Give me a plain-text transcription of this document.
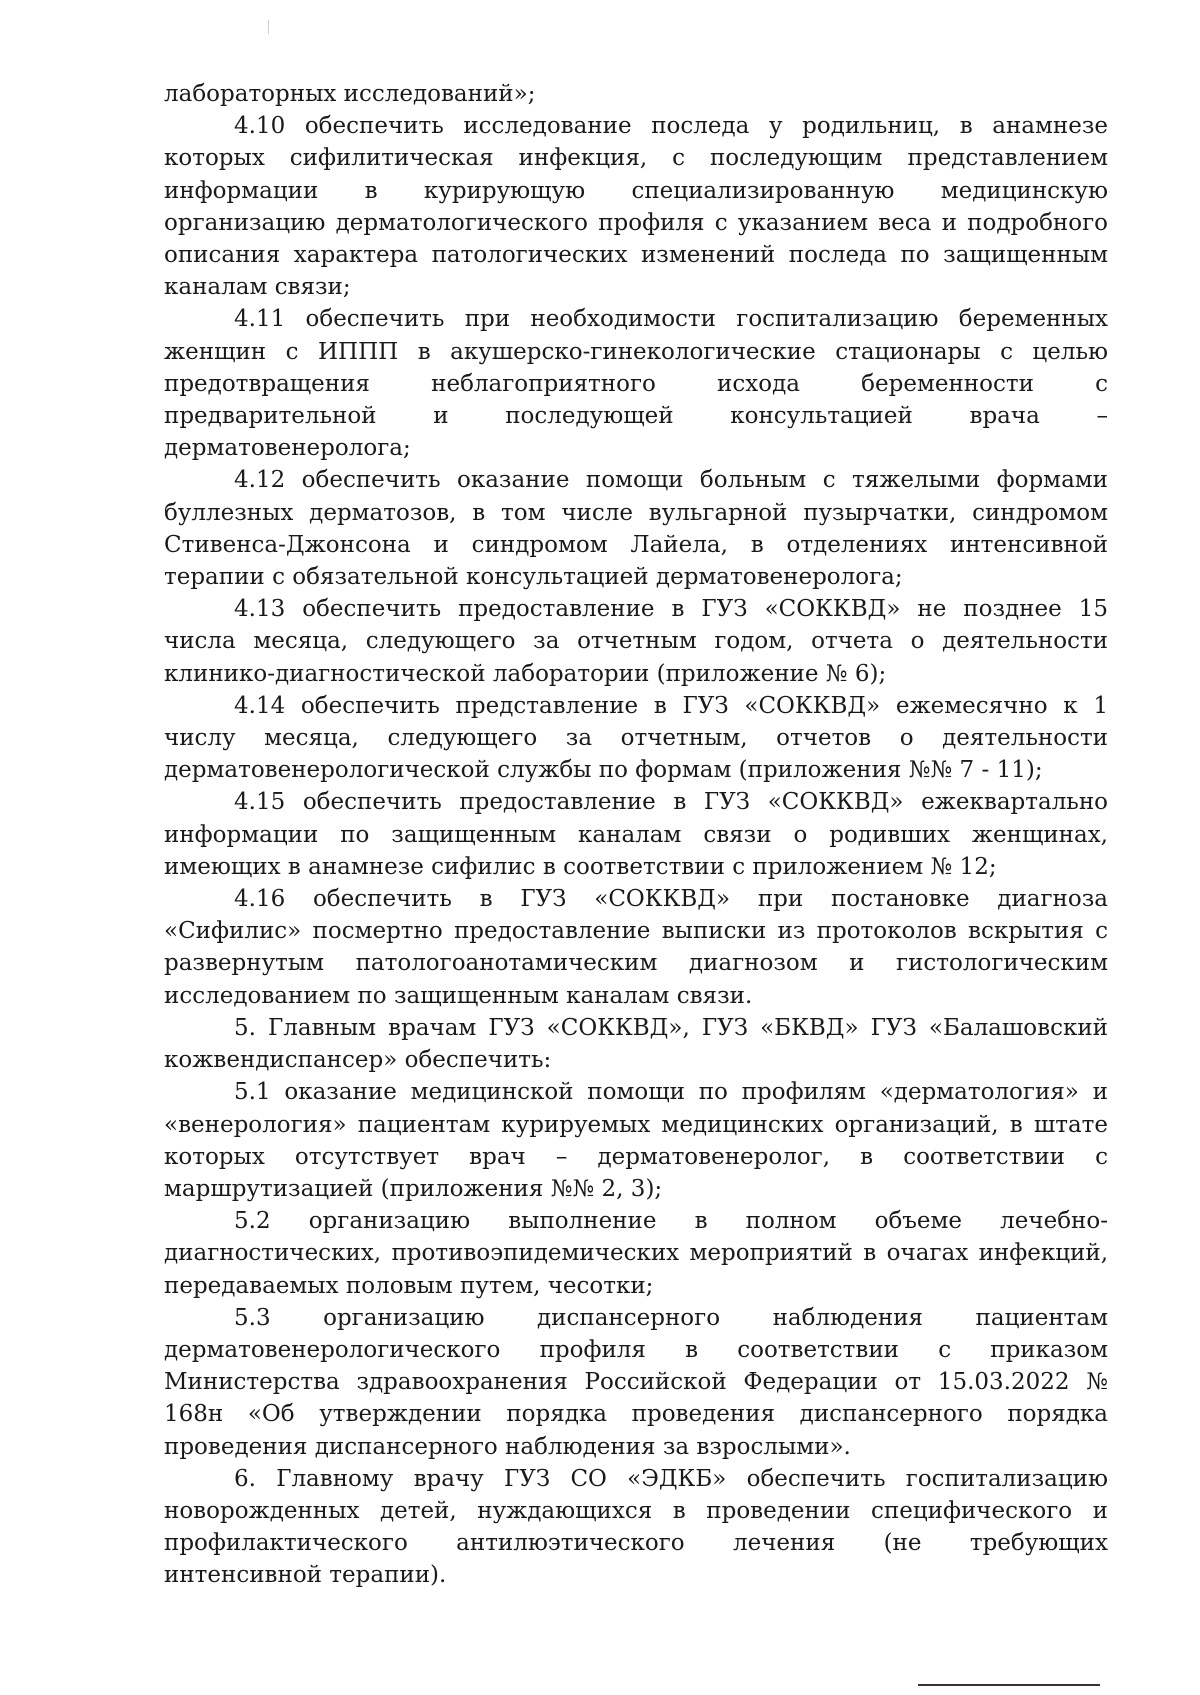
лабораторных исследований»;

4.10 обеспечить исследование последа у родильниц, в анамнезе которых сифилитическая инфекция, с последующим представлением информации в курирующую специализированную медицинскую организацию дерматологического профиля с указанием веса и подробного описания характера патологических изменений последа по защищенным каналам связи;

4.11 обеспечить при необходимости госпитализацию беременных женщин с ИППП в акушерско-гинекологические стационары с целью предотвращения неблагоприятного исхода беременности с предварительной и последующей консультацией врача – дерматовенеролога;

4.12 обеспечить оказание помощи больным с тяжелыми формами буллезных дерматозов, в том числе вульгарной пузырчатки, синдромом Стивенса-Джонсона и синдромом Лайела, в отделениях интенсивной терапии с обязательной консультацией дерматовенеролога;

4.13 обеспечить предоставление в ГУЗ «СОККВД» не позднее 15 числа месяца, следующего за отчетным годом, отчета о деятельности клинико-диагностической лаборатории (приложение № 6);

4.14 обеспечить представление в ГУЗ «СОККВД» ежемесячно к 1 числу месяца, следующего за отчетным, отчетов о деятельности дерматовенерологической службы по формам (приложения №№ 7 - 11);

4.15 обеспечить предоставление в ГУЗ «СОККВД» ежеквартально информации по защищенным каналам связи о родивших женщинах, имеющих в анамнезе сифилис в соответствии с приложением № 12;

4.16 обеспечить в ГУЗ «СОККВД» при постановке диагноза «Сифилис» посмертно предоставление выписки из протоколов вскрытия с развернутым патологоанотамическим диагнозом и гистологическим исследованием по защищенным каналам связи.

5. Главным врачам ГУЗ «СОККВД», ГУЗ «БКВД» ГУЗ «Балашовский кожвендиспансер» обеспечить:

5.1 оказание медицинской помощи по профилям «дерматология» и «венерология» пациентам курируемых медицинских организаций, в штате которых отсутствует врач – дерматовенеролог, в соответствии с маршрутизацией (приложения №№ 2, 3);

5.2 организацию выполнение в полном объеме лечебно-диагностических, противоэпидемических мероприятий в очагах инфекций, передаваемых половым путем, чесотки;

5.3 организацию диспансерного наблюдения пациентам дерматовенерологического профиля в соответствии с приказом Министерства здравоохранения Российской Федерации от 15.03.2022 № 168н «Об утверждении порядка проведения диспансерного порядка проведения диспансерного наблюдения за взрослыми».

6. Главному врачу ГУЗ СО «ЭДКБ» обеспечить госпитализацию новорожденных детей, нуждающихся в проведении специфического и профилактического антилюэтического лечения (не требующих интенсивной терапии).
